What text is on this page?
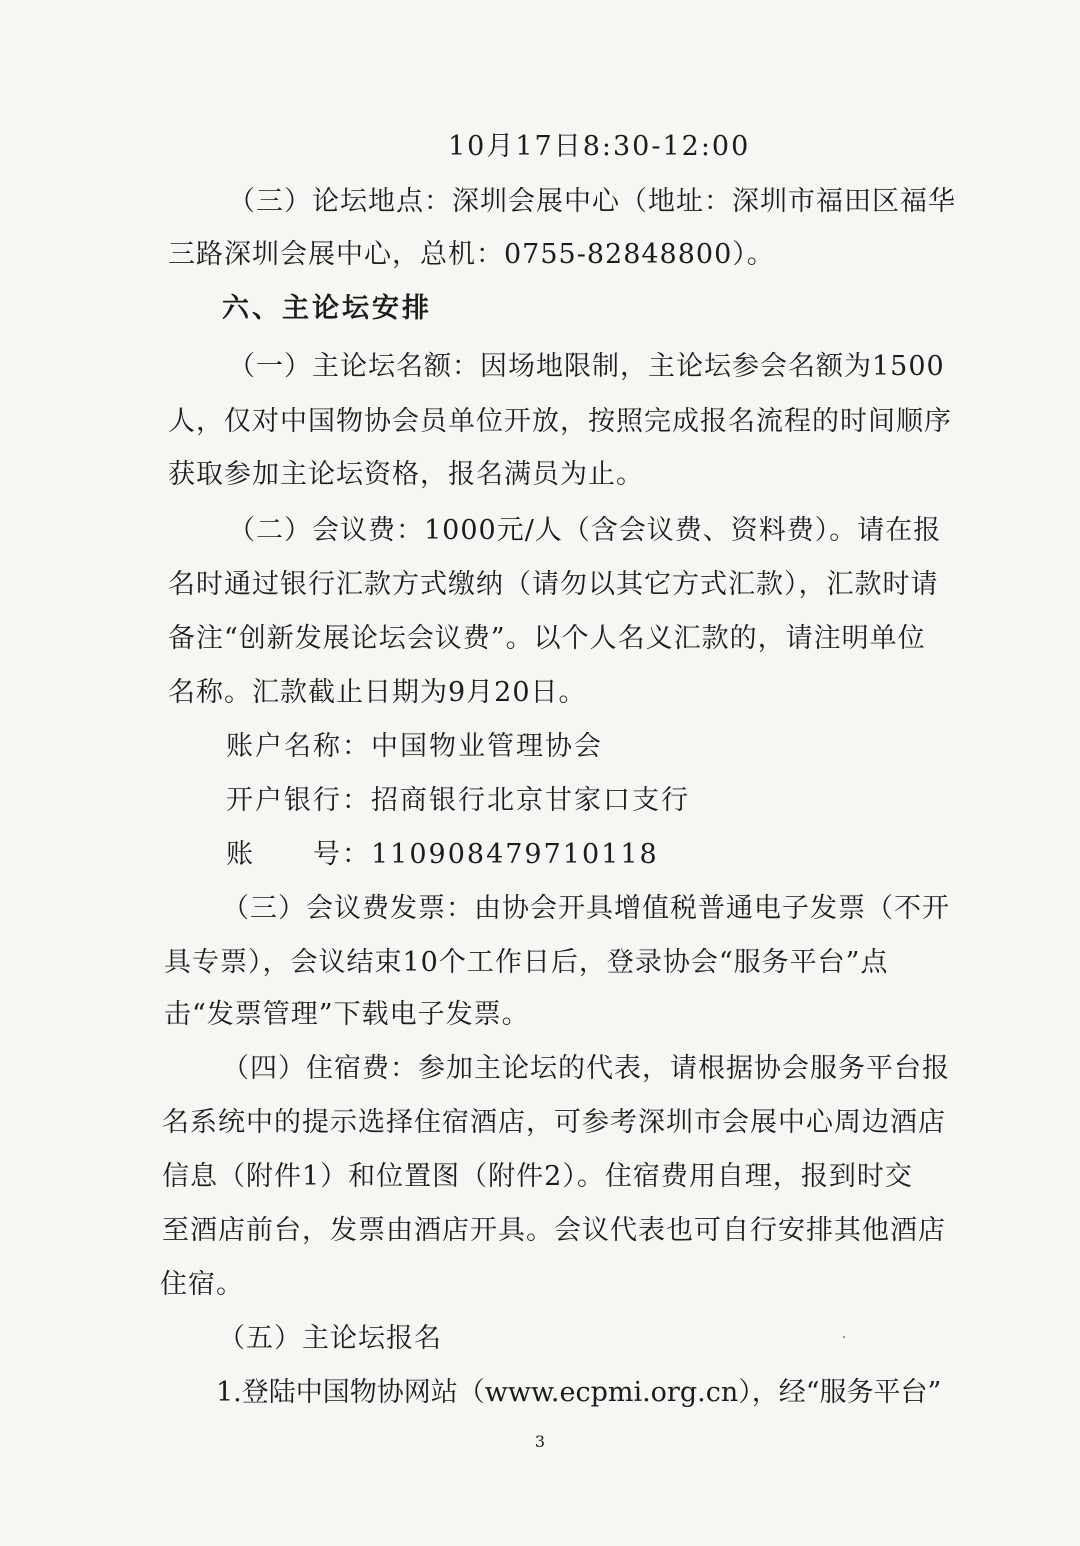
10月17日8:30-12:00
（三）论坛地点：深圳会展中心（地址：深圳市福田区福华
三路深圳会展中心，总机：0755-82848800）。
六、主论坛安排
（一）主论坛名额：因场地限制，主论坛参会名额为1500
人，仅对中国物协会员单位开放，按照完成报名流程的时间顺序
获取参加主论坛资格，报名满员为止。
（二）会议费：1000元/人（含会议费、资料费）。请在报
名时通过银行汇款方式缴纳（请勿以其它方式汇款），汇款时请
备注“创新发展论坛会议费”。以个人名义汇款的，请注明单位
名称。汇款截止日期为9月20日。
账户名称：中国物业管理协会
开户银行：招商银行北京甘家口支行
账　　号：110908479710118
（三）会议费发票：由协会开具增值税普通电子发票（不开
具专票），会议结束10个工作日后，登录协会“服务平台”点
击“发票管理”下载电子发票。
（四）住宿费：参加主论坛的代表，请根据协会服务平台报
名系统中的提示选择住宿酒店，可参考深圳市会展中心周边酒店
信息（附件1）和位置图（附件2）。住宿费用自理，报到时交
至酒店前台，发票由酒店开具。会议代表也可自行安排其他酒店
住宿。
（五）主论坛报名
1.登陆中国物协网站（www.ecpmi.org.cn），经“服务平台”
3
